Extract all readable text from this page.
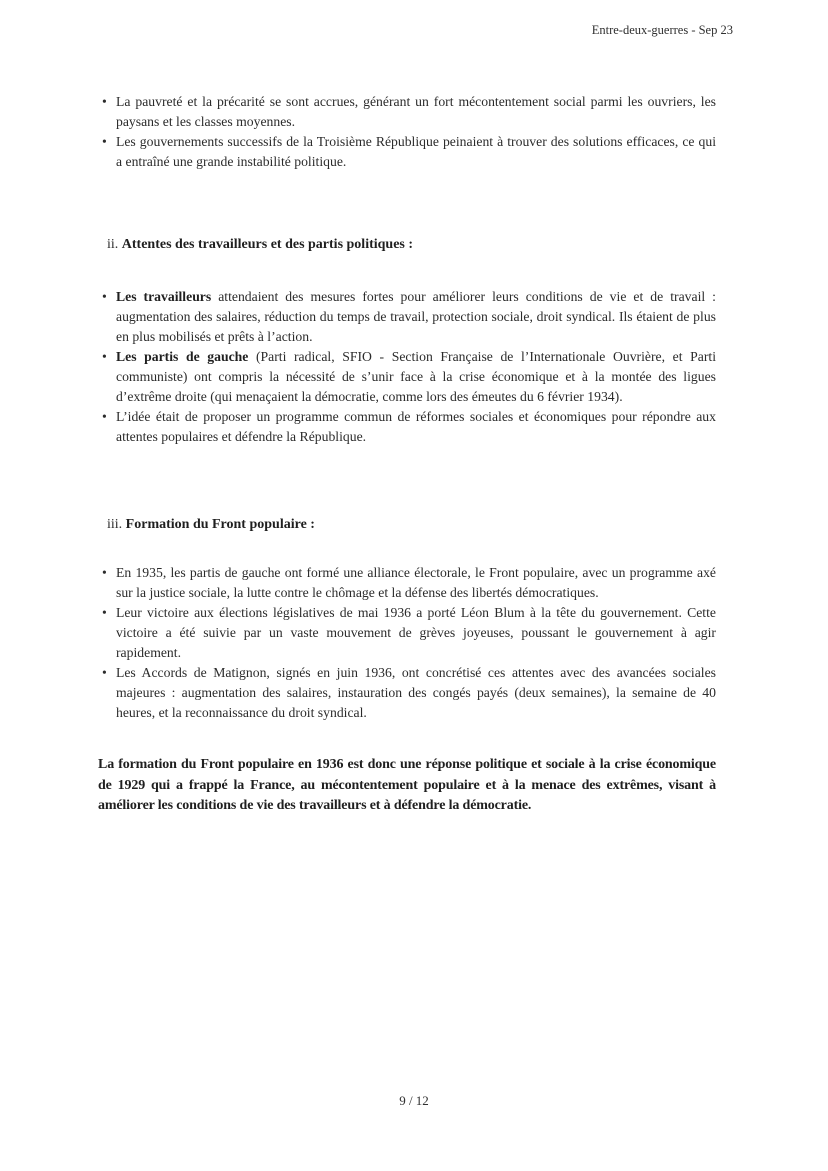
Entre-deux-guerres - Sep 23
• La pauvreté et la précarité se sont accrues, générant un fort mécontentement social parmi les ouvriers, les paysans et les classes moyennes.
• Les gouvernements successifs de la Troisième République peinaient à trouver des solutions efficaces, ce qui a entraîné une grande instabilité politique.

ii. Attentes des travailleurs et des partis politiques :

• Les travailleurs attendaient des mesures fortes pour améliorer leurs conditions de vie et de travail : augmentation des salaires, réduction du temps de travail, protection sociale, droit syndical. Ils étaient de plus en plus mobilisés et prêts à l’action.
• Les partis de gauche (Parti radical, SFIO - Section Française de l’Internationale Ouvrière, et Parti communiste) ont compris la nécessité de s’unir face à la crise économique et à la montée des ligues d’extrême droite (qui menaçaient la démocratie, comme lors des émeutes du 6 février 1934).
• L’idée était de proposer un programme commun de réformes sociales et économiques pour répondre aux attentes populaires et défendre la République.

iii. Formation du Front populaire :

• En 1935, les partis de gauche ont formé une alliance électorale, le Front populaire, avec un programme axé sur la justice sociale, la lutte contre le chômage et la défense des libertés démocratiques.
• Leur victoire aux élections législatives de mai 1936 a porté Léon Blum à la tête du gouvernement. Cette victoire a été suivie par un vaste mouvement de grèves joyeuses, poussant le gouvernement à agir rapidement.
• Les Accords de Matignon, signés en juin 1936, ont concrétisé ces attentes avec des avancées sociales majeures : augmentation des salaires, instauration des congés payés (deux semaines), la semaine de 40 heures, et la reconnaissance du droit syndical.

La formation du Front populaire en 1936 est donc une réponse politique et sociale à la crise économique de 1929 qui a frappé la France, au mécontentement populaire et à la menace des extrêmes, visant à améliorer les conditions de vie des travailleurs et à défendre la démocratie.

9 / 12
